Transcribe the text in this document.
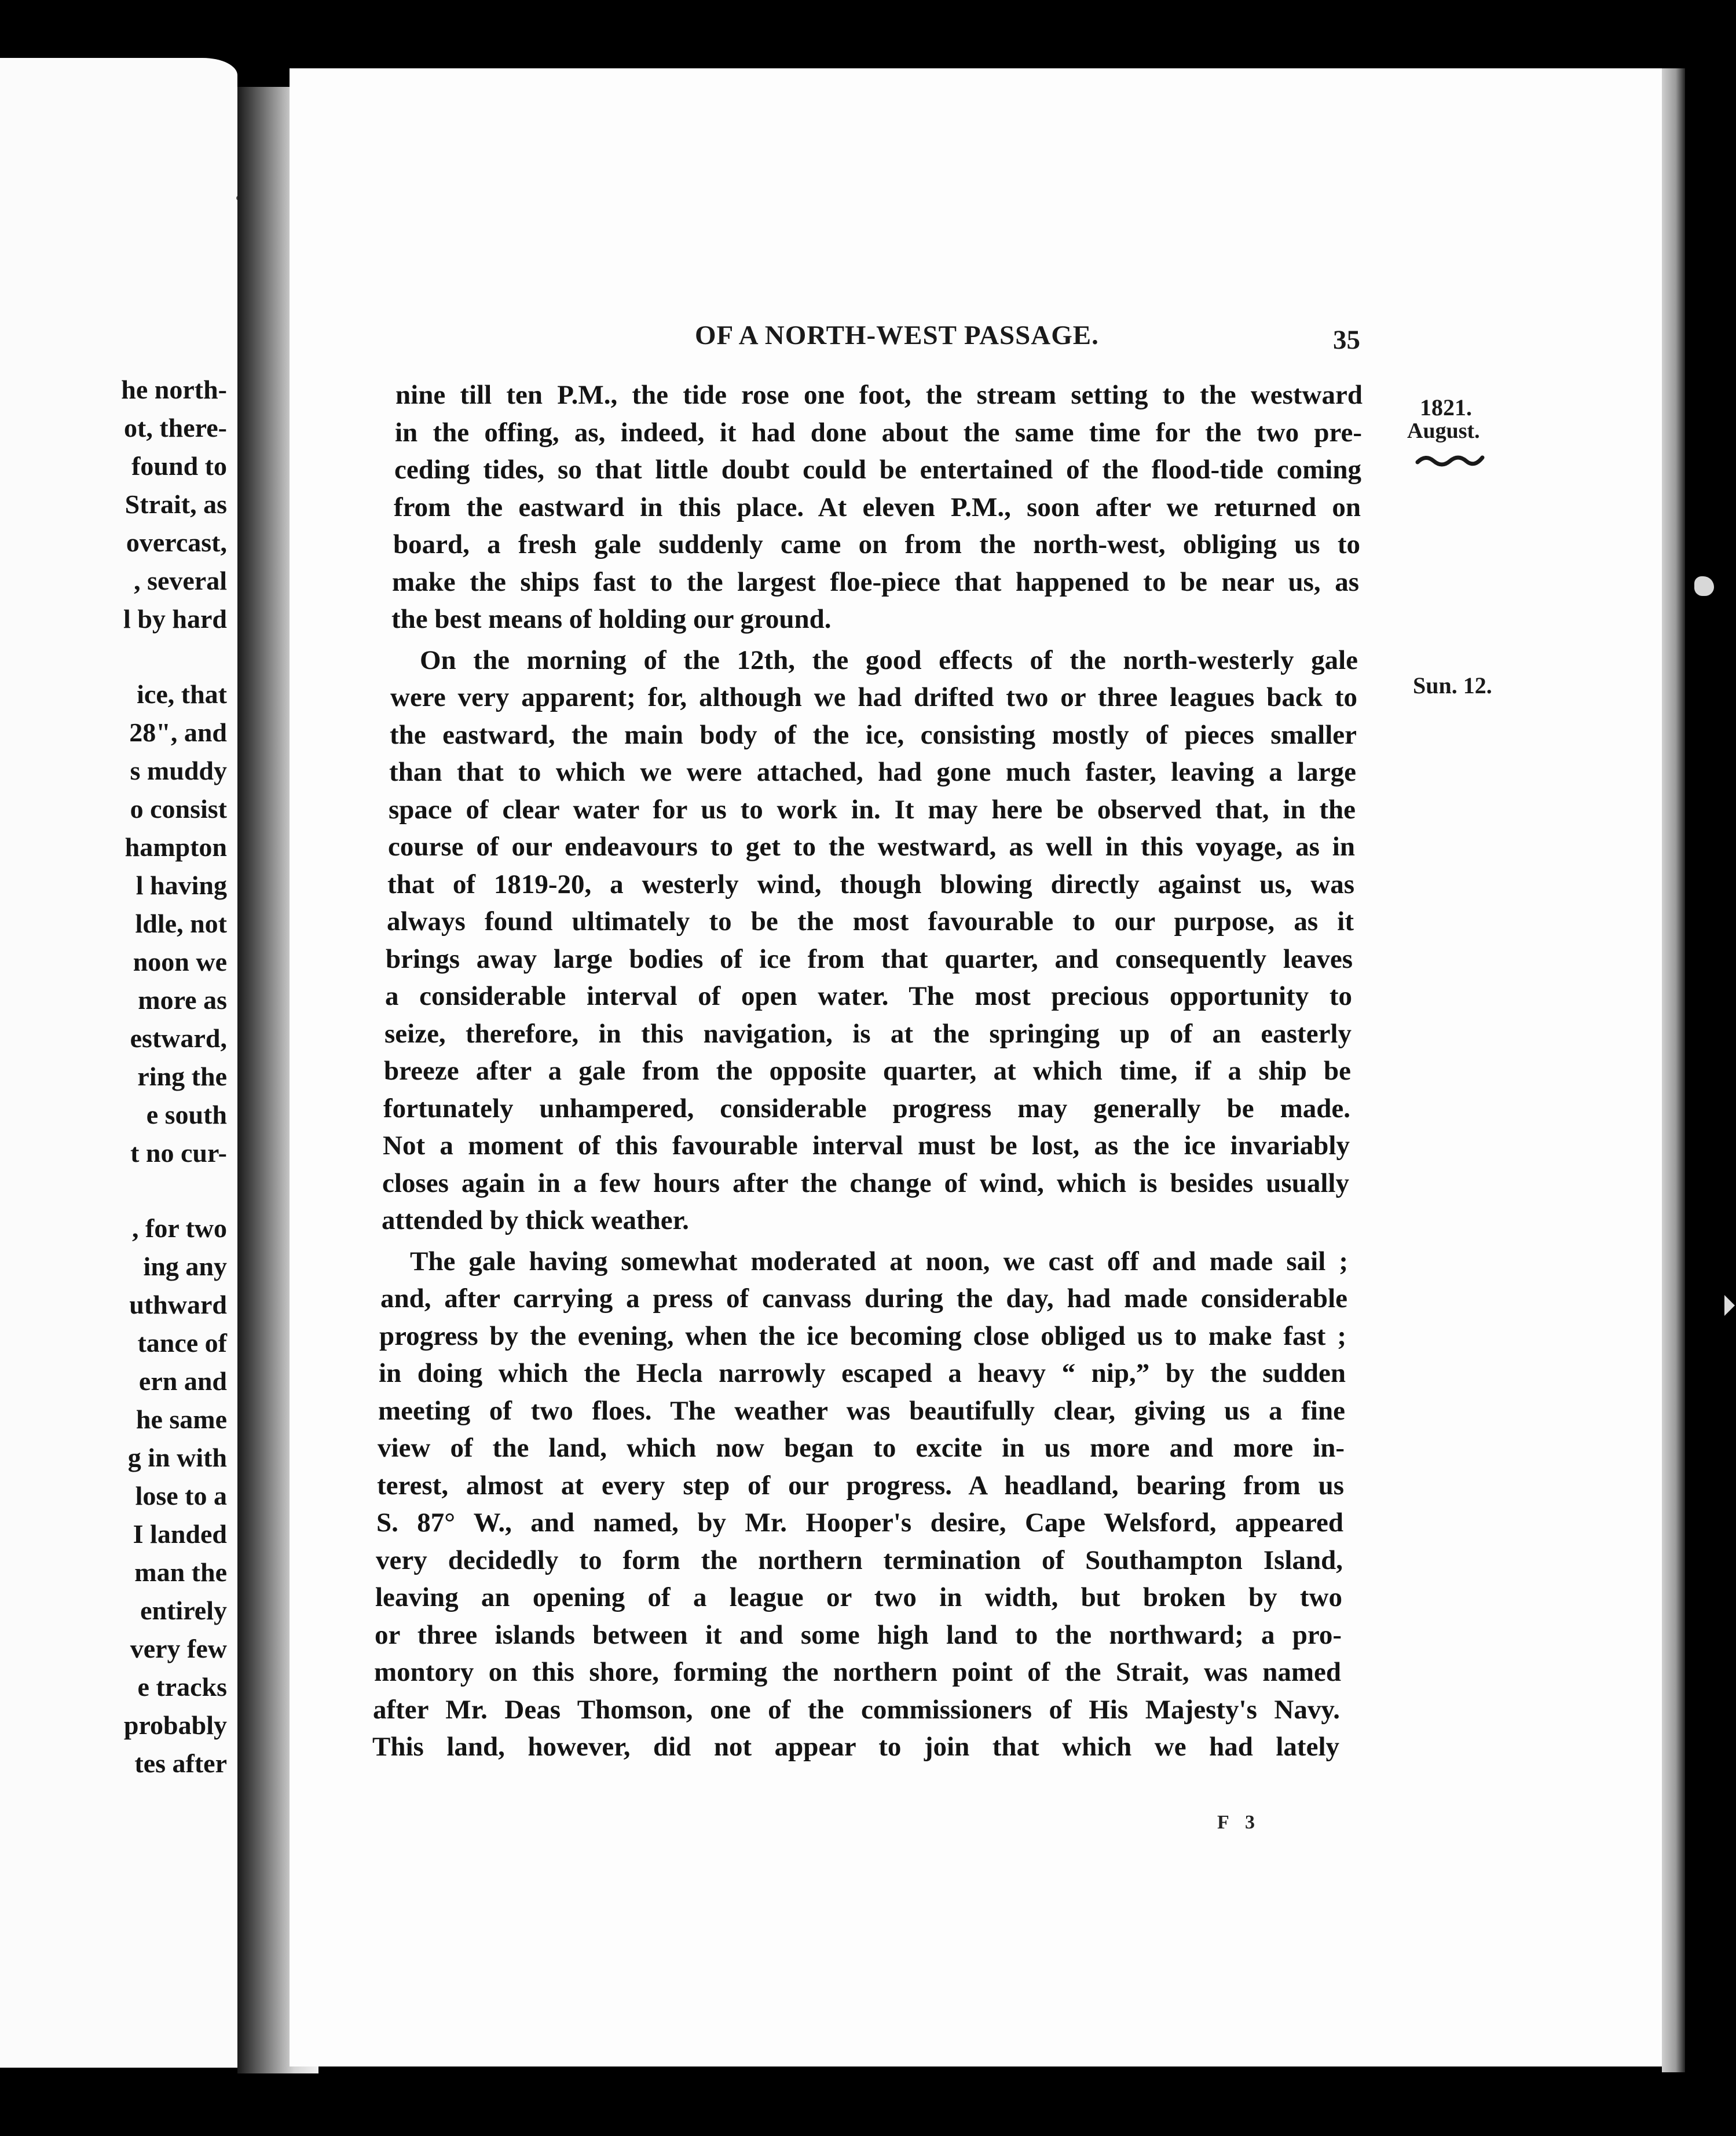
he north-
ot, there-
found to
Strait, as
overcast,
, several
l by hard
ice, that
28", and
s muddy
o consist
hampton
l having
ldle, not
noon we
more as
estward,
ring the
e south
t no cur-
, for two
ing any
uthward
tance of
ern and
he same
g in with
lose to a
I landed
man the
entirely
very few
e tracks
probably
tes after
OF A NORTH-WEST PASSAGE.	35
1821.
August.
Sun. 12.
nine till ten P.M., the tide rose one foot, the stream setting to the westward
in the offing, as, indeed, it had done about the same time for the two pre-
ceding tides, so that little doubt could be entertained of the flood-tide coming
from the eastward in this place. At eleven P.M., soon after we returned on
board, a fresh gale suddenly came on from the north-west, obliging us to
make the ships fast to the largest floe-piece that happened to be near us, as
the best means of holding our ground.
On the morning of the 12th, the good effects of the north-westerly gale
were very apparent; for, although we had drifted two or three leagues back to
the eastward, the main body of the ice, consisting mostly of pieces smaller
than that to which we were attached, had gone much faster, leaving a large
space of clear water for us to work in. It may here be observed that, in the
course of our endeavours to get to the westward, as well in this voyage, as in
that of 1819-20, a westerly wind, though blowing directly against us, was
always found ultimately to be the most favourable to our purpose, as it
brings away large bodies of ice from that quarter, and consequently leaves
a considerable interval of open water. The most precious opportunity to
seize, therefore, in this navigation, is at the springing up of an easterly
breeze after a gale from the opposite quarter, at which time, if a ship be
fortunately unhampered, considerable progress may generally be made.
Not a moment of this favourable interval must be lost, as the ice invariably
closes again in a few hours after the change of wind, which is besides usually
attended by thick weather.
The gale having somewhat moderated at noon, we cast off and made sail ;
and, after carrying a press of canvass during the day, had made considerable
progress by the evening, when the ice becoming close obliged us to make fast ;
in doing which the Hecla narrowly escaped a heavy “ nip,” by the sudden
meeting of two floes. The weather was beautifully clear, giving us a fine
view of the land, which now began to excite in us more and more in-
terest, almost at every step of our progress. A headland, bearing from us
S. 87° W., and named, by Mr. Hooper's desire, Cape Welsford, appeared
very decidedly to form the northern termination of Southampton Island,
leaving an opening of a league or two in width, but broken by two
or three islands between it and some high land to the northward; a pro-
montory on this shore, forming the northern point of the Strait, was named
after Mr. Deas Thomson, one of the commissioners of His Majesty's Navy.
This land, however, did not appear to join that which we had lately
F 3
